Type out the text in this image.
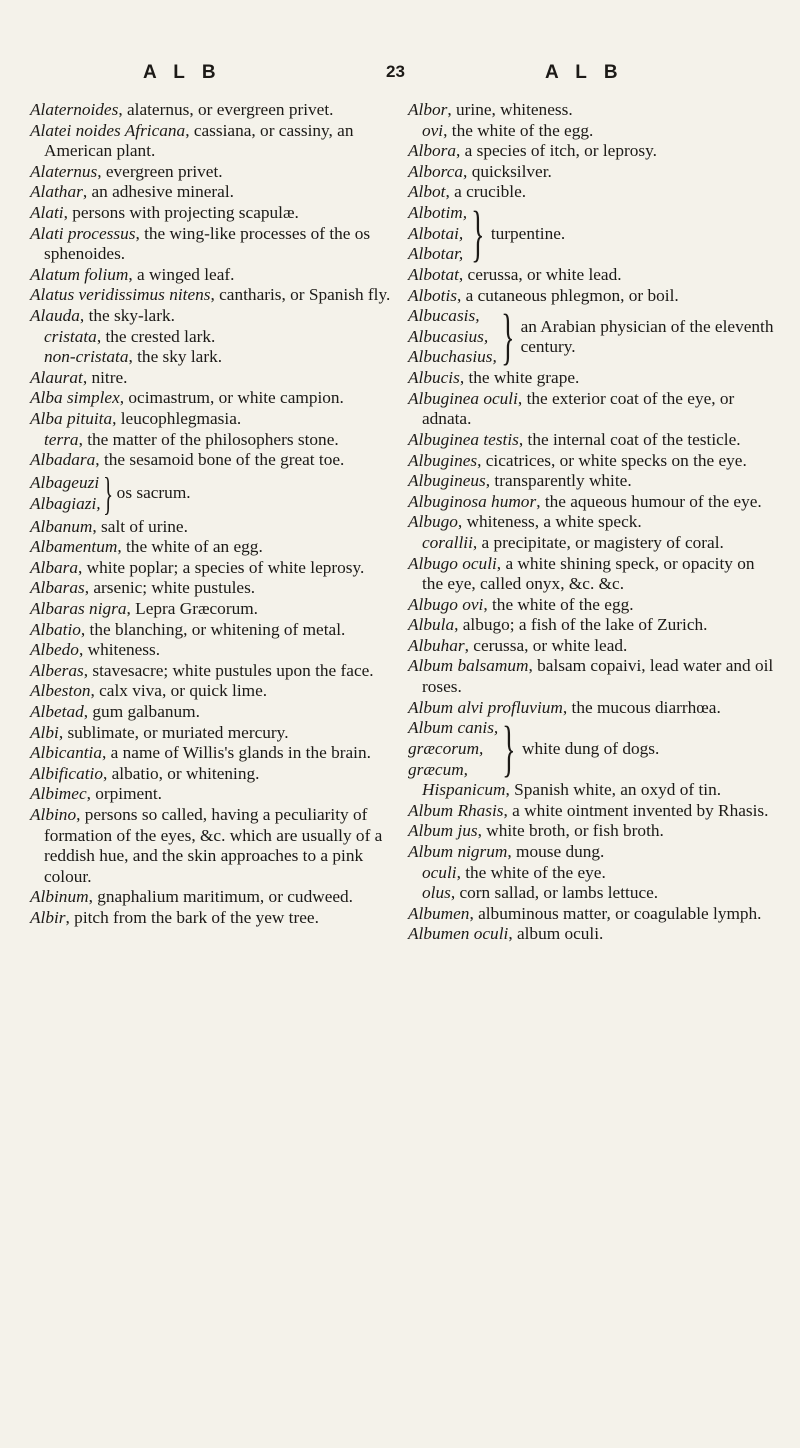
A L B	23	A L B
Alaternoides, alaternus, or evergreen privet.
Alatei noides Africana, cassiana, or cassiny, an American plant.
Alaternus, evergreen privet.
Alathar, an adhesive mineral.
Alati, persons with projecting scapulæ.
Alati processus, the wing-like processes of the os sphenoides.
Alatum folium, a winged leaf.
Alatus veridissimus nitens, cantharis, or Spanish fly.
Alauda, the sky-lark.
cristata, the crested lark.
non-cristata, the sky lark.
Alaurat, nitre.
Alba simplex, ocimastrum, or white campion.
Alba pituita, leucophlegmasia.
terra, the matter of the philosophers stone.
Albadara, the sesamoid bone of the great toe.
Albageuzi
Albagiazi, } os sacrum.
Albanum, salt of urine.
Albamentum, the white of an egg.
Albara, white poplar; a species of white leprosy.
Albaras, arsenic; white pustules.
Albaras nigra, Lepra Græcorum.
Albatio, the blanching, or whitening of metal.
Albedo, whiteness.
Alberas, stavesacre; white pustules upon the face.
Albeston, calx viva, or quick lime.
Albetad, gum galbanum.
Albi, sublimate, or muriated mercury.
Albicantia, a name of Willis's glands in the brain.
Albificatio, albatio, or whitening.
Albimec, orpiment.
Albino, persons so called, having a peculiarity of formation of the eyes, &c. which are usually of a reddish hue, and the skin approaches to a pink colour.
Albinum, gnaphalium maritimum, or cudweed.
Albir, pitch from the bark of the yew tree.
Albor, urine, whiteness.
ovi, the white of the egg.
Albora, a species of itch, or leprosy.
Alborca, quicksilver.
Albot, a crucible.
Albotim,
Albotai,
Albotar, } turpentine.
Albotat, cerussa, or white lead.
Albotis, a cutaneous phlegmon, or boil.
Albucasis,
Albucasius,
Albuchasius, } an Arabian physician of the eleventh century.
Albucis, the white grape.
Albuginea oculi, the exterior coat of the eye, or adnata.
Albuginea testis, the internal coat of the testicle.
Albugines, cicatrices, or white specks on the eye.
Albugineus, transparently white.
Albuginosa humor, the aqueous humour of the eye.
Albugo, whiteness, a white speck.
corallii, a precipitate, or magistery of coral.
Albugo oculi, a white shining speck, or opacity on the eye, called onyx, &c. &c.
Albugo ovi, the white of the egg.
Albula, albugo; a fish of the lake of Zurich.
Albuhar, cerussa, or white lead.
Album balsamum, balsam copaivi, lead water and oil roses.
Album alvi profluvium, the mucous diarrhœa.
Album canis,
græcorum,
græcum, } white dung of dogs.
Hispanicum, Spanish white, an oxyd of tin.
Album Rhasis, a white ointment invented by Rhasis.
Album jus, white broth, or fish broth.
Album nigrum, mouse dung.
oculi, the white of the eye.
olus, corn sallad, or lambs lettuce.
Albumen, albuminous matter, or coagulable lymph.
Albumen oculi, album oculi.
